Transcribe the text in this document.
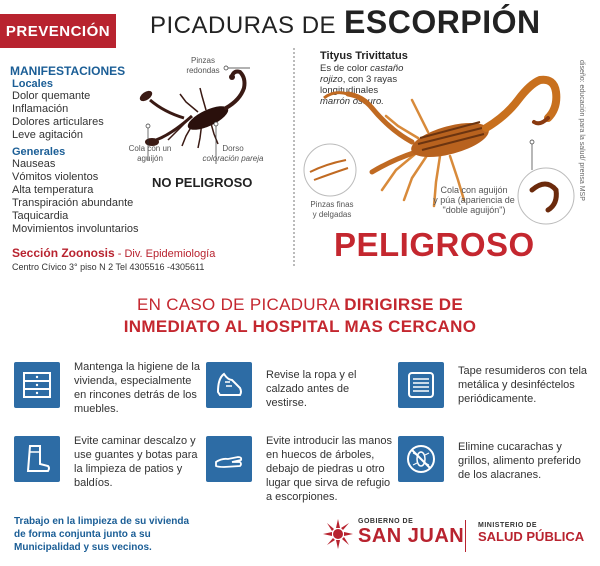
PREVENCIÓN PICADURAS DE ESCORPIÓN
MANIFESTACIONES
Locales
Dolor quemante
Inflamación
Dolores articulares
Leve agitación
Generales
Nauseas
Vómitos violentos
Alta temperatura
Transpiración abundante
Taquicardia
Movimientos involuntarios
Sección Zoonosis - Div. Epidemiología
Centro Cívico 3° piso N 2 Tel 4305516 -4305611
Pinzas redondas
Cola con un aguijón
Dorso
coloración pareja
NO PELIGROSO
Tityus Trivittatus
Es de color castaño
rojizo, con 3 rayas
longitudinales
marrón oscuro.
Pinzas finas
y delgadas
Cola con aguijón
y púa (apariencia de
"doble aguijón")
diseño: educación para la salud/ prensa MSP
PELIGROSO
EN CASO DE PICADURA DIRIGIRSE DE
INMEDIATO AL HOSPITAL MAS CERCANO
Mantenga la higiene de la vivienda, especialmente en rincones detrás de los muebles.
Revise la ropa y el calzado antes de vestirse.
Tape resumideros con tela metálica y desinféctelos periódicamente.
Evite caminar descalzo y use guantes y botas para la limpieza de patios y baldíos.
Evite introducir las manos en huecos de árboles, debajo de piedras u otro lugar que sirva de refugio a escorpiones.
Elimine cucarachas y grillos, alimento preferido de los alacranes.
Trabajo en la limpieza de su vivienda
de forma conjunta junto a su
Municipalidad y sus vecinos.
GOBIERNO DE
SAN JUAN MINISTERIO DE
SALUD PÚBLICA
